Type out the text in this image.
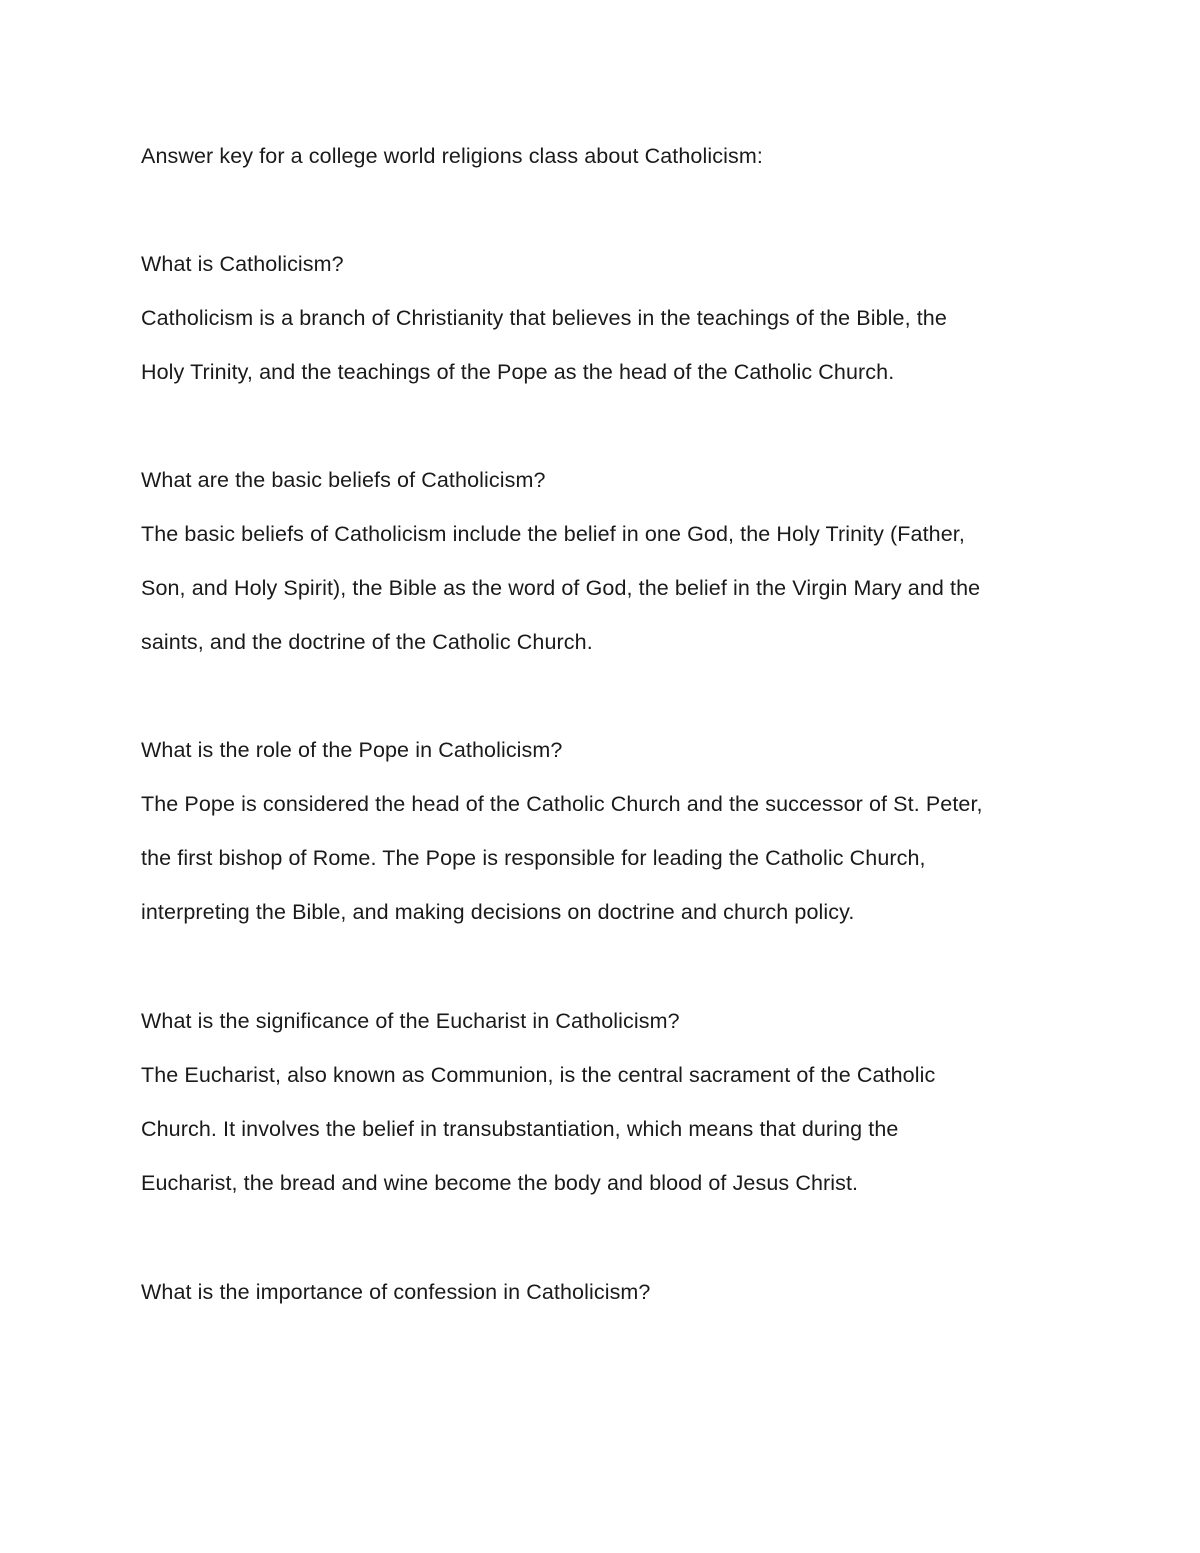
Answer key for a college world religions class about Catholicism:
What is Catholicism?
Catholicism is a branch of Christianity that believes in the teachings of the Bible, the
Holy Trinity, and the teachings of the Pope as the head of the Catholic Church.
What are the basic beliefs of Catholicism?
The basic beliefs of Catholicism include the belief in one God, the Holy Trinity (Father,
Son, and Holy Spirit), the Bible as the word of God, the belief in the Virgin Mary and the
saints, and the doctrine of the Catholic Church.
What is the role of the Pope in Catholicism?
The Pope is considered the head of the Catholic Church and the successor of St. Peter,
the first bishop of Rome. The Pope is responsible for leading the Catholic Church,
interpreting the Bible, and making decisions on doctrine and church policy.
What is the significance of the Eucharist in Catholicism?
The Eucharist, also known as Communion, is the central sacrament of the Catholic
Church. It involves the belief in transubstantiation, which means that during the
Eucharist, the bread and wine become the body and blood of Jesus Christ.
What is the importance of confession in Catholicism?
